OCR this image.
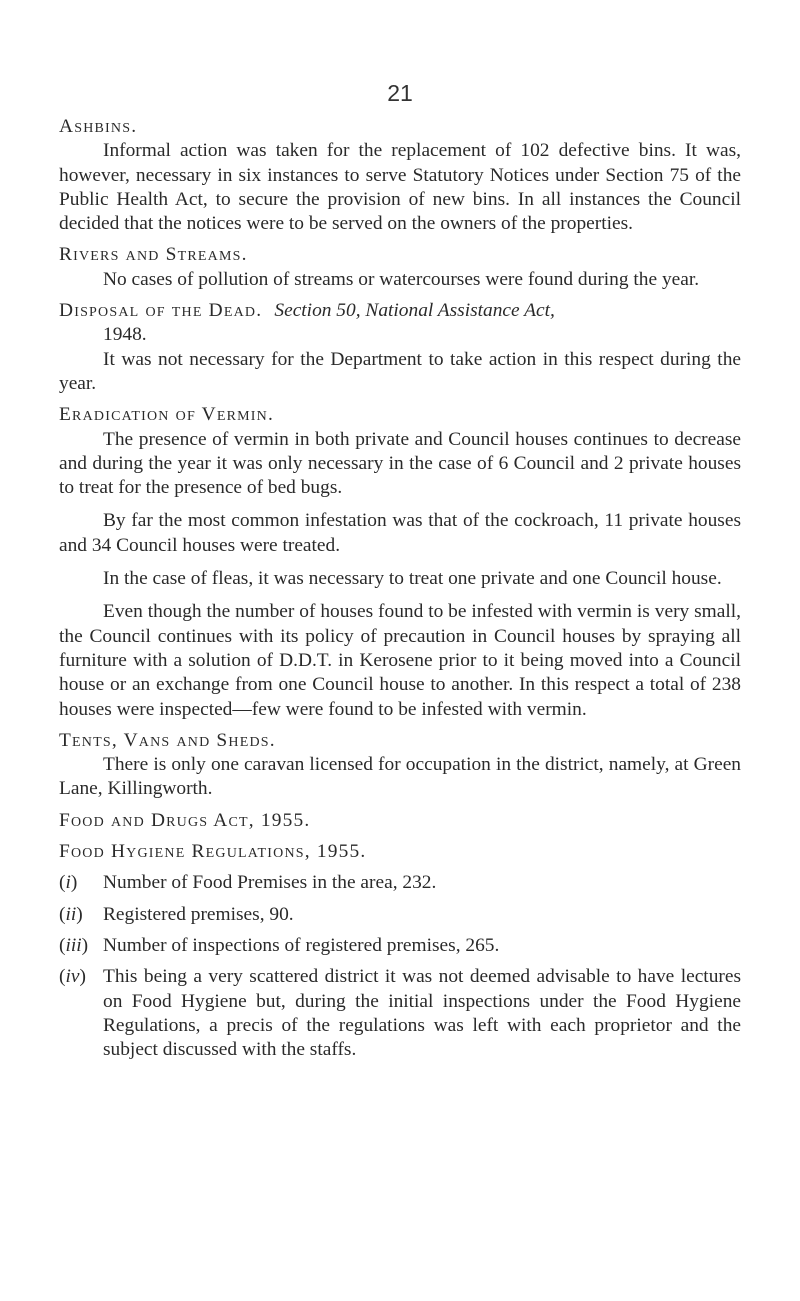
21
Ashbins.

Informal action was taken for the replacement of 102 defective bins. It was, however, necessary in six instances to serve Statutory Notices under Section 75 of the Public Health Act, to secure the provision of new bins. In all instances the Council decided that the notices were to be served on the owners of the properties.

Rivers and Streams.

No cases of pollution of streams or watercourses were found during the year.

Disposal of the Dead. Section 50, National Assistance Act,
1948.

It was not necessary for the Department to take action in this respect during the year.

Eradication of Vermin.

The presence of vermin in both private and Council houses continues to decrease and during the year it was only necessary in the case of 6 Council and 2 private houses to treat for the presence of bed bugs.

By far the most common infestation was that of the cockroach, 11 private houses and 34 Council houses were treated.

In the case of fleas, it was necessary to treat one private and one Council house.

Even though the number of houses found to be infested with vermin is very small, the Council continues with its policy of precaution in Council houses by spraying all furniture with a solution of D.D.T. in Kerosene prior to it being moved into a Council house or an exchange from one Council house to another. In this respect a total of 238 houses were inspected—few were found to be infested with vermin.

Tents, Vans and Sheds.

There is only one caravan licensed for occupation in the district, namely, at Green Lane, Killingworth.

Food and Drugs Act, 1955.
Food Hygiene Regulations, 1955.
(i)	Number of Food Premises in the area, 232.
(ii)	Registered premises, 90.
(iii) Number of inspections of registered premises, 265.
(iv) This being a very scattered district it was not deemed advisable to have lectures on Food Hygiene but, during the initial inspections under the Food Hygiene Regulations, a precis of the regulations was left with each proprietor and the subject discussed with the staffs.
